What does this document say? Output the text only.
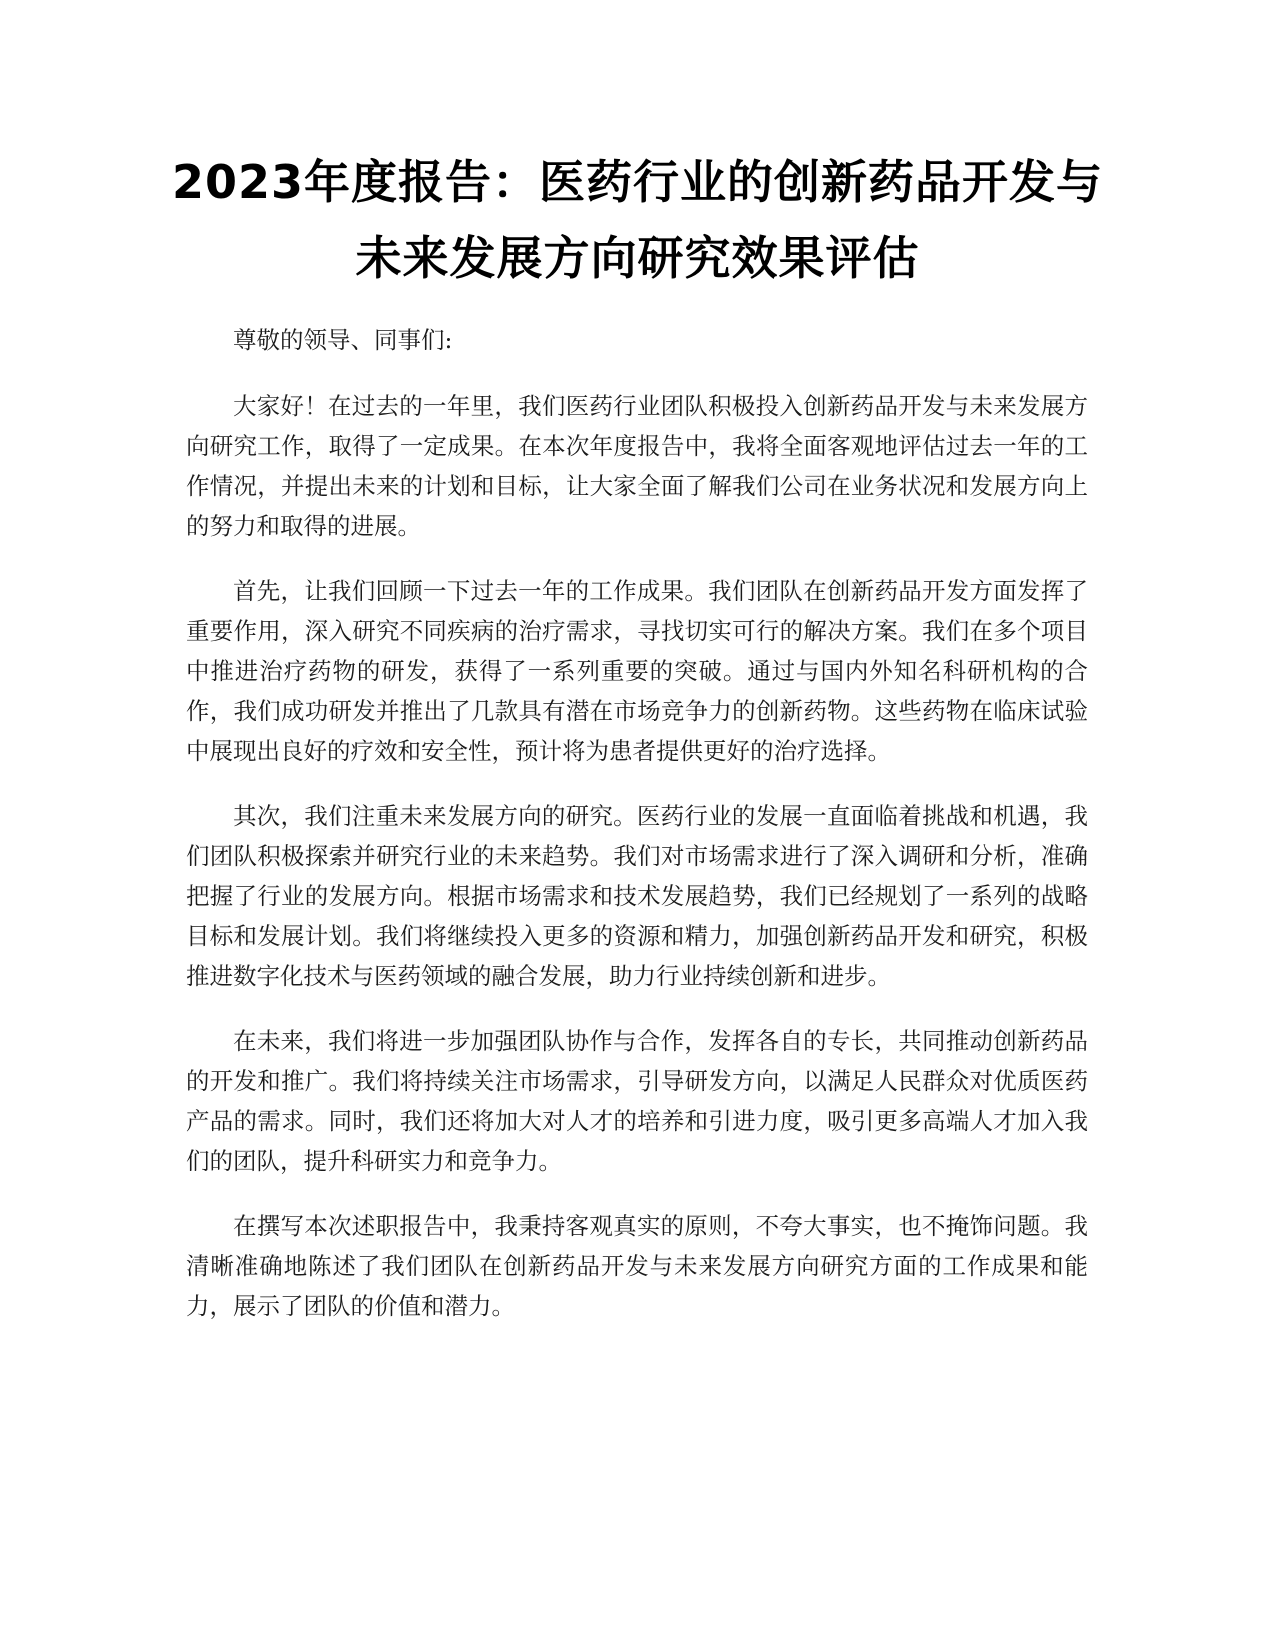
2023年度报告：医药行业的创新药品开发与未来发展方向研究效果评估

尊敬的领导、同事们:

大家好！在过去的一年里，我们医药行业团队积极投入创新药品开发与未来发展方向研究工作，取得了一定成果。在本次年度报告中，我将全面客观地评估过去一年的工作情况，并提出未来的计划和目标，让大家全面了解我们公司在业务状况和发展方向上的努力和取得的进展。

首先，让我们回顾一下过去一年的工作成果。我们团队在创新药品开发方面发挥了重要作用，深入研究不同疾病的治疗需求，寻找切实可行的解决方案。我们在多个项目中推进治疗药物的研发，获得了一系列重要的突破。通过与国内外知名科研机构的合作，我们成功研发并推出了几款具有潜在市场竞争力的创新药物。这些药物在临床试验中展现出良好的疗效和安全性，预计将为患者提供更好的治疗选择。

其次，我们注重未来发展方向的研究。医药行业的发展一直面临着挑战和机遇，我们团队积极探索并研究行业的未来趋势。我们对市场需求进行了深入调研和分析，准确把握了行业的发展方向。根据市场需求和技术发展趋势，我们已经规划了一系列的战略目标和发展计划。我们将继续投入更多的资源和精力，加强创新药品开发和研究，积极推进数字化技术与医药领域的融合发展，助力行业持续创新和进步。

在未来，我们将进一步加强团队协作与合作，发挥各自的专长，共同推动创新药品的开发和推广。我们将持续关注市场需求，引导研发方向，以满足人民群众对优质医药产品的需求。同时，我们还将加大对人才的培养和引进力度，吸引更多高端人才加入我们的团队，提升科研实力和竞争力。

在撰写本次述职报告中，我秉持客观真实的原则，不夸大事实，也不掩饰问题。我清晰准确地陈述了我们团队在创新药品开发与未来发展方向研究方面的工作成果和能力，展示了团队的价值和潜力。
